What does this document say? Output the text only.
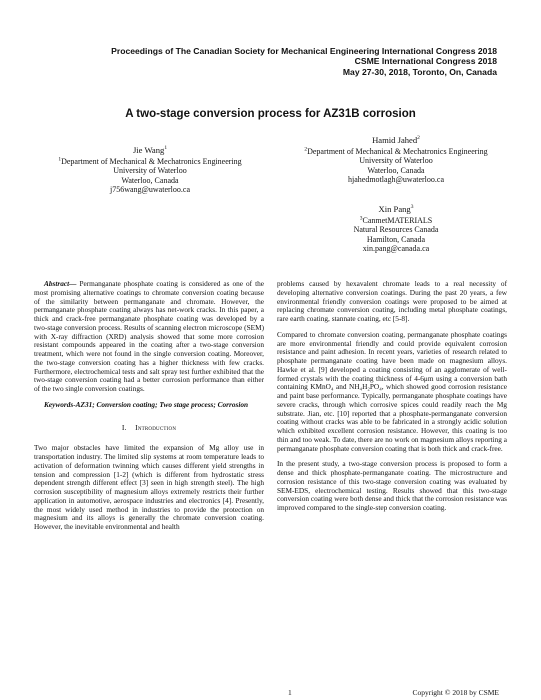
Proceedings of The Canadian Society for Mechanical Engineering International Congress 2018
CSME International Congress 2018
May 27-30, 2018, Toronto, On, Canada
A two-stage conversion process for AZ31B corrosion
Jie Wang$^1$
$^1$Department of Mechanical & Mechatronics Engineering
University of Waterloo
Waterloo, Canada
j756wang@uwaterloo.ca
Hamid Jahed$^2$
$^2$Department of Mechanical & Mechatronics Engineering
University of Waterloo
Waterloo, Canada
hjahedmotlagh@uwaterloo.ca
Xin Pang$^3$
$^3$CanmetMATERIALS
Natural Resources Canada
Hamilton, Canada
xin.pang@canada.ca

Abstract— Permanganate phosphate coating is considered as one of the most promising alternative coatings to chromate conversion coating because of the similarity between permanganate and chromate. However, the permanganate phosphate coating always has net-work cracks. In this paper, a thick and crack-free permanganate phosphate coating was developed by a two-stage conversion process. Results of scanning electron microscope (SEM) with X-ray diffraction (XRD) analysis showed that some more corrosion resistant compounds appeared in the coating after a two-stage conversion treatment, which were not found in the single conversion coating. Moreover, the two-stage conversion coating has a higher thickness with few cracks. Furthermore, electrochemical tests and salt spray test further exhibited that the two-stage conversion coating had a better corrosion performance than either of the two single conversion coatings.

Keywords-AZ31; Conversion coating; Two stage process; Corrosion

I. Introduction

Two major obstacles have limited the expansion of Mg alloy use in transportation industry. The limited slip systems at room temperature leads to activation of deformation twinning which causes different yield strengths in tension and compression [1-2] (which is different from hydrostatic stress dependent strength different effect [3] seen in high strength steel). The high corrosion susceptibility of magnesium alloys extremely restricts their further application in automotive, aerospace industries and electronics [4]. Presently, the most widely used method in industries to provide the protection on magnesium and its alloys is generally the chromate conversion coating. However, the inevitable environmental and health

problems caused by hexavalent chromate leads to a real necessity of developing alternative conversion coatings. During the past 20 years, a few environmental friendly conversion coatings were proposed to be aimed at replacing chromate conversion coating, including metal phosphate coatings, rare earth coating, stannate coating, etc [5-8].

Compared to chromate conversion coating, permanganate phosphate coatings are more environmental friendly and could provide equivalent corrosion resistance and paint adhesion. In recent years, varieties of research related to phosphate permanganate coating have been made on magnesium alloys. Hawke et al. [9] developed a coating consisting of an agglomerate of well-formed crystals with the coating thickness of 4-6μm using a conversion bath containing KMnO₄ and NH₄H₂PO₄, which showed good corrosion resistance and paint base performance. Typically, permanganate phosphate coatings have severe cracks, through which corrosive spices could readily reach the Mg substrate. Jian, etc. [10] reported that a phosphate-permanganate conversion coating without cracks was able to be fabricated in a strongly acidic solution which exhibited excellent corrosion resistance. However, this coating is too thin and too weak. To date, there are no work on magnesium alloys reporting a permanganate phosphate conversion coating that is both thick and crack-free.

In the present study, a two-stage conversion process is proposed to form a dense and thick phosphate-permanganate coating. The microstructure and corrosion resistance of this two-stage conversion coating was evaluated by SEM-EDS, electrochemical testing. Results showed that this two-stage conversion coating were both dense and thick that the corrosion resistance was improved compared to the single-step conversion coating.

1	Copyright © 2018 by CSME
